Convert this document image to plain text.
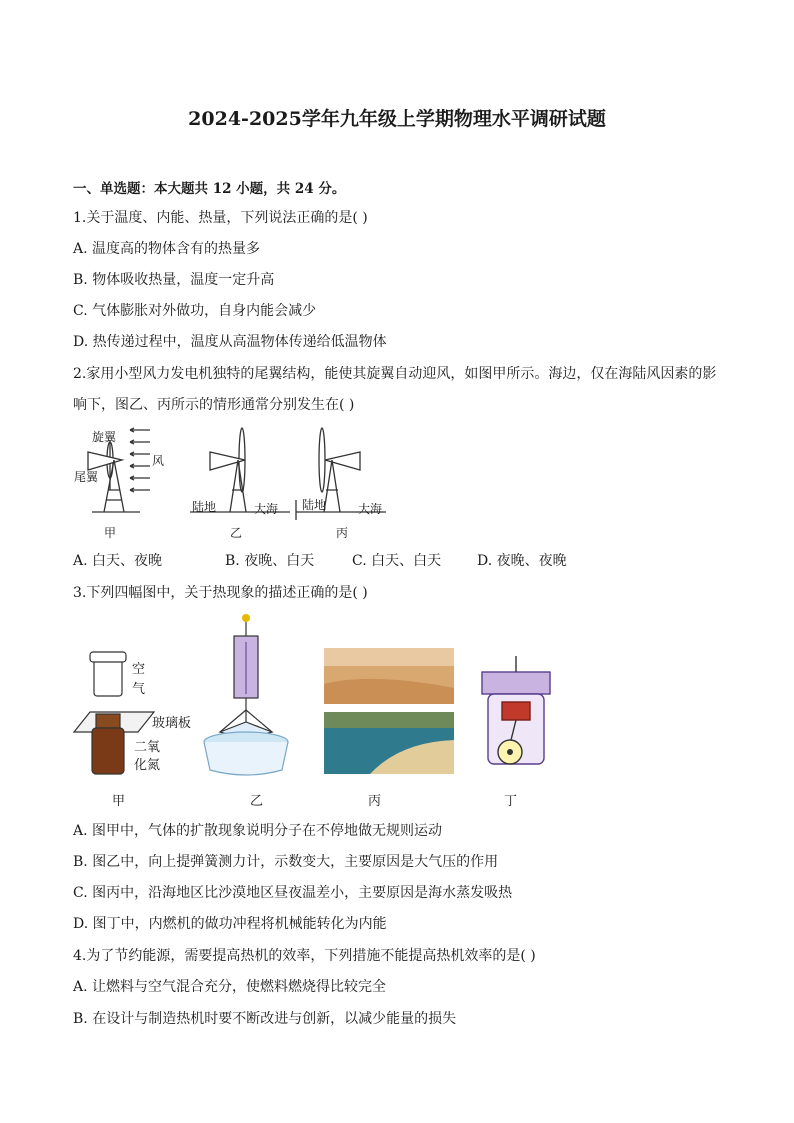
2024-2025学年九年级上学期物理水平调研试题
一、单选题：本大题共 12 小题，共 24 分。
1.关于温度、内能、热量，下列说法正确的是( )
A. 温度高的物体含有的热量多
B. 物体吸收热量，温度一定升高
C. 气体膨胀对外做功，自身内能会减少
D. 热传递过程中，温度从高温物体传递给低温物体
2.家用小型风力发电机独特的尾翼结构，能使其旋翼自动迎风，如图甲所示。海边，仅在海陆风因素的影
响下，图乙、丙所示的情形通常分别发生在( )
旋翼
尾翼
风
陆地	大海 陆地	大海
甲	乙	丙
A. 白天、夜晚	B. 夜晚、白天	C. 白天、白天	D. 夜晚、夜晚
3.下列四幅图中，关于热现象的描述正确的是( )
空
气
玻璃板
二氧
化氮
甲	乙	丙	丁
A. 图甲中，气体的扩散现象说明分子在不停地做无规则运动
B. 图乙中，向上提弹簧测力计，示数变大，主要原因是大气压的作用
C. 图丙中，沿海地区比沙漠地区昼夜温差小，主要原因是海水蒸发吸热
D. 图丁中，内燃机的做功冲程将机械能转化为内能
4.为了节约能源，需要提高热机的效率，下列措施不能提高热机效率的是( )
A. 让燃料与空气混合充分，使燃料燃烧得比较完全
B. 在设计与制造热机时要不断改进与创新，以减少能量的损失
